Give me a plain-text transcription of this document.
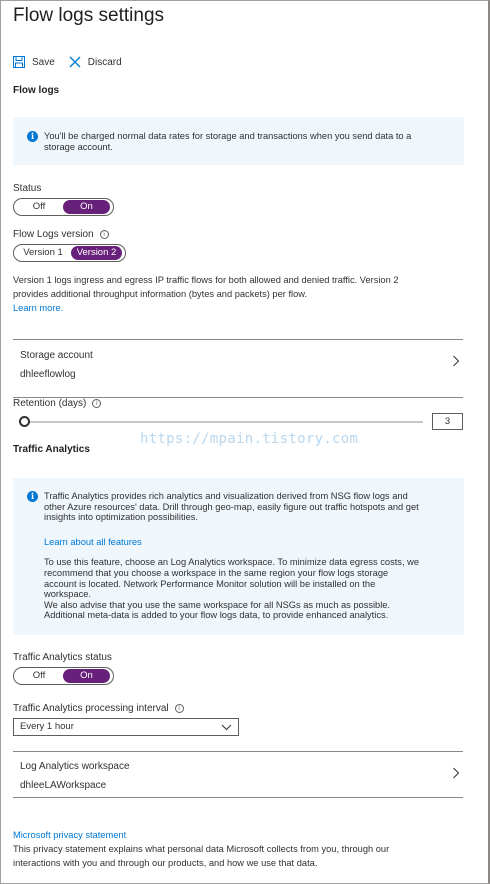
Flow logs settings
Save	Discard
Flow logs
i	You'll be charged normal data rates for storage and transactions when you send data to a
storage account.
Status
Off	On
Flow Logs version	i
Version 1	Version 2
Version 1 logs ingress and egress IP traffic flows for both allowed and denied traffic. Version 2
provides additional throughput information (bytes and packets) per flow.
Learn more.
Storage account
dhleeflowlog
Retention (days)	i
3
https://mpain.tistory.com
Traffic Analytics
i	Traffic Analytics provides rich analytics and visualization derived from NSG flow logs and
other Azure resources' data. Drill through geo-map, easily figure out traffic hotspots and get
insights into optimization possibilities.
Learn about all features
To use this feature, choose an Log Analytics workspace. To minimize data egress costs, we
recommend that you choose a workspace in the same region your flow logs storage
account is located. Network Performance Monitor solution will be installed on the
workspace.
We also advise that you use the same workspace for all NSGs as much as possible.
Additional meta-data is added to your flow logs data, to provide enhanced analytics.
Traffic Analytics status
Off	On
Traffic Analytics processing interval	i
Every 1 hour
Log Analytics workspace
dhleeLAWorkspace
Microsoft privacy statement
This privacy statement explains what personal data Microsoft collects from you, through our
interactions with you and through our products, and how we use that data.
